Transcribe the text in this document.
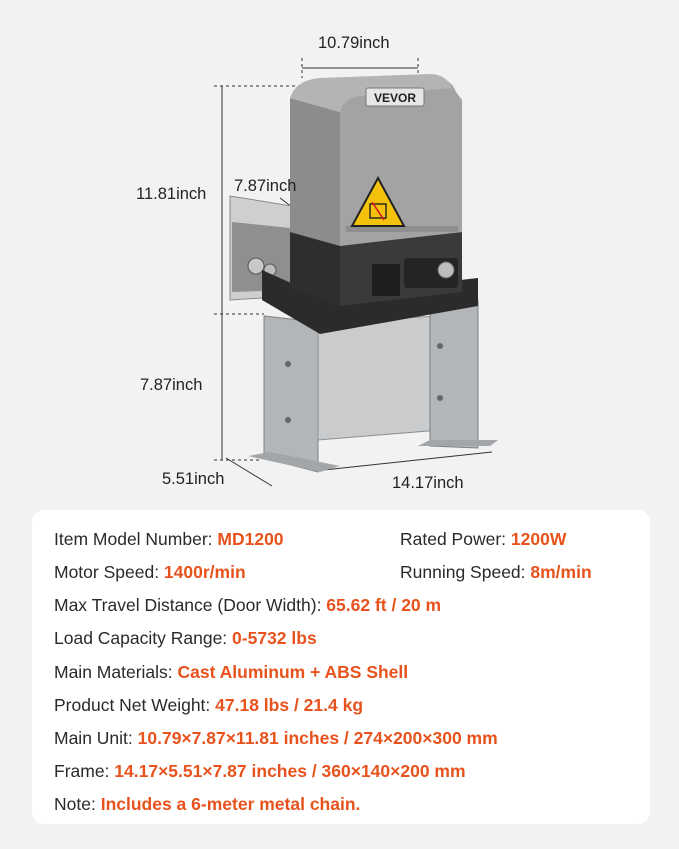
VEVOR
10.79inch
11.81inch 7.87inch
7.87inch
5.51inch	14.17inch
Item Model Number: MD1200	Rated Power: 1200W
Motor Speed: 1400r/min	Running Speed: 8m/min
Max Travel Distance (Door Width): 65.62 ft / 20 m
Load Capacity Range: 0-5732 lbs
Main Materials: Cast Aluminum + ABS Shell
Product Net Weight: 47.18 lbs / 21.4 kg
Main Unit: 10.79×7.87×11.81 inches / 274×200×300 mm
Frame: 14.17×5.51×7.87 inches / 360×140×200 mm
Note: Includes a 6-meter metal chain.
